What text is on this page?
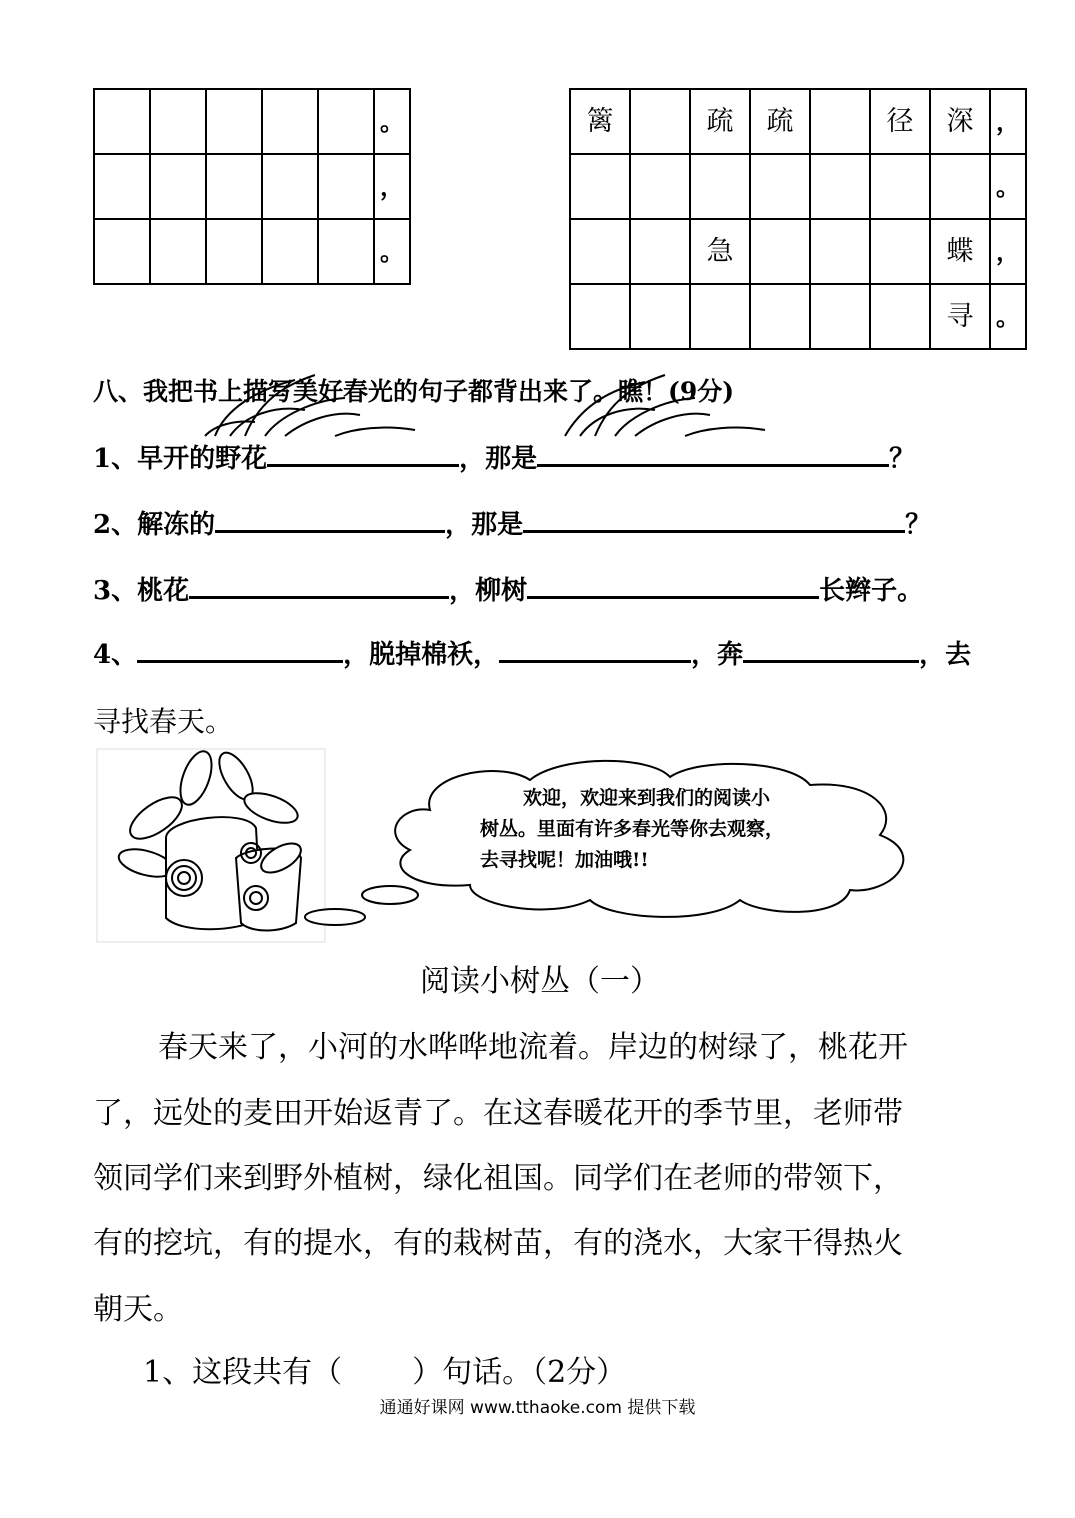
					。
					，
					。
篱		疏	疏		径	深	，
							。
		急				蝶	，
						寻	。
八、我把书上描写美好春光的句子都背出来了。瞧！(9分)
1、早开的野花	，那是	？
2、解冻的	，那是	？
3、桃花	，柳树	长辫子。
4、	，脱掉棉袄，	，奔	，去
寻找春天。
欢迎，欢迎来到我们的阅读小
树丛。里面有许多春光等你去观察，
去寻找呢！加油哦!!
阅读小树丛（一）
春天来了，小河的水哗哗地流着。岸边的树绿了，桃花开
了，远处的麦田开始返青了。在这春暖花开的季节里，老师带
领同学们来到野外植树，绿化祖国。同学们在老师的带领下，
有的挖坑，有的提水，有的栽树苗，有的浇水，大家干得热火
朝天。
1、这段共有（ ）句话。（2分）
通通好课网 www.tthaoke.com 提供下载
